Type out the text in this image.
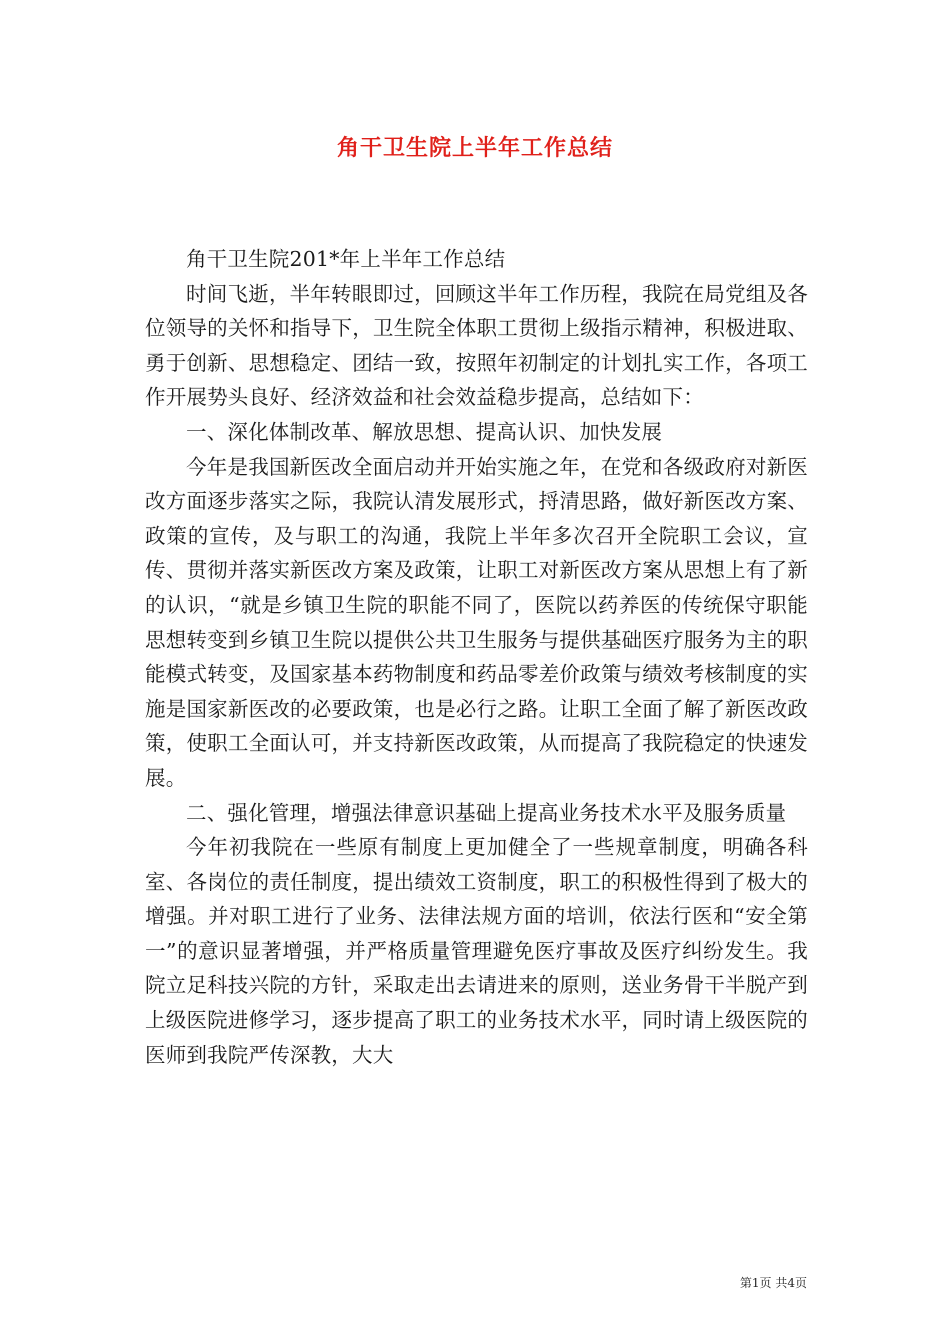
角干卫生院上半年工作总结

角干卫生院201*年上半年工作总结

时间飞逝，半年转眼即过，回顾这半年工作历程，我院在局党组及各位领导的关怀和指导下，卫生院全体职工贯彻上级指示精神，积极进取、勇于创新、思想稳定、团结一致，按照年初制定的计划扎实工作，各项工作开展势头良好、经济效益和社会效益稳步提高，总结如下：

一、深化体制改革、解放思想、提高认识、加快发展

今年是我国新医改全面启动并开始实施之年，在党和各级政府对新医改方面逐步落实之际，我院认清发展形式，捋清思路，做好新医改方案、政策的宣传，及与职工的沟通，我院上半年多次召开全院职工会议，宣传、贯彻并落实新医改方案及政策，让职工对新医改方案从思想上有了新的认识，“就是乡镇卫生院的职能不同了，医院以药养医的传统保守职能思想转变到乡镇卫生院以提供公共卫生服务与提供基础医疗服务为主的职能模式转变，及国家基本药物制度和药品零差价政策与绩效考核制度的实施是国家新医改的必要政策，也是必行之路。让职工全面了解了新医改政策，使职工全面认可，并支持新医改政策，从而提高了我院稳定的快速发展。

二、强化管理，增强法律意识基础上提高业务技术水平及服务质量

今年初我院在一些原有制度上更加健全了一些规章制度，明确各科室、各岗位的责任制度，提出绩效工资制度，职工的积极性得到了极大的增强。并对职工进行了业务、法律法规方面的培训，依法行医和“安全第一”的意识显著增强，并严格质量管理避免医疗事故及医疗纠纷发生。我院立足科技兴院的方针，采取走出去请进来的原则，送业务骨干半脱产到上级医院进修学习，逐步提高了职工的业务技术水平，同时请上级医院的医师到我院严传深教，大大

第1页 共4页
